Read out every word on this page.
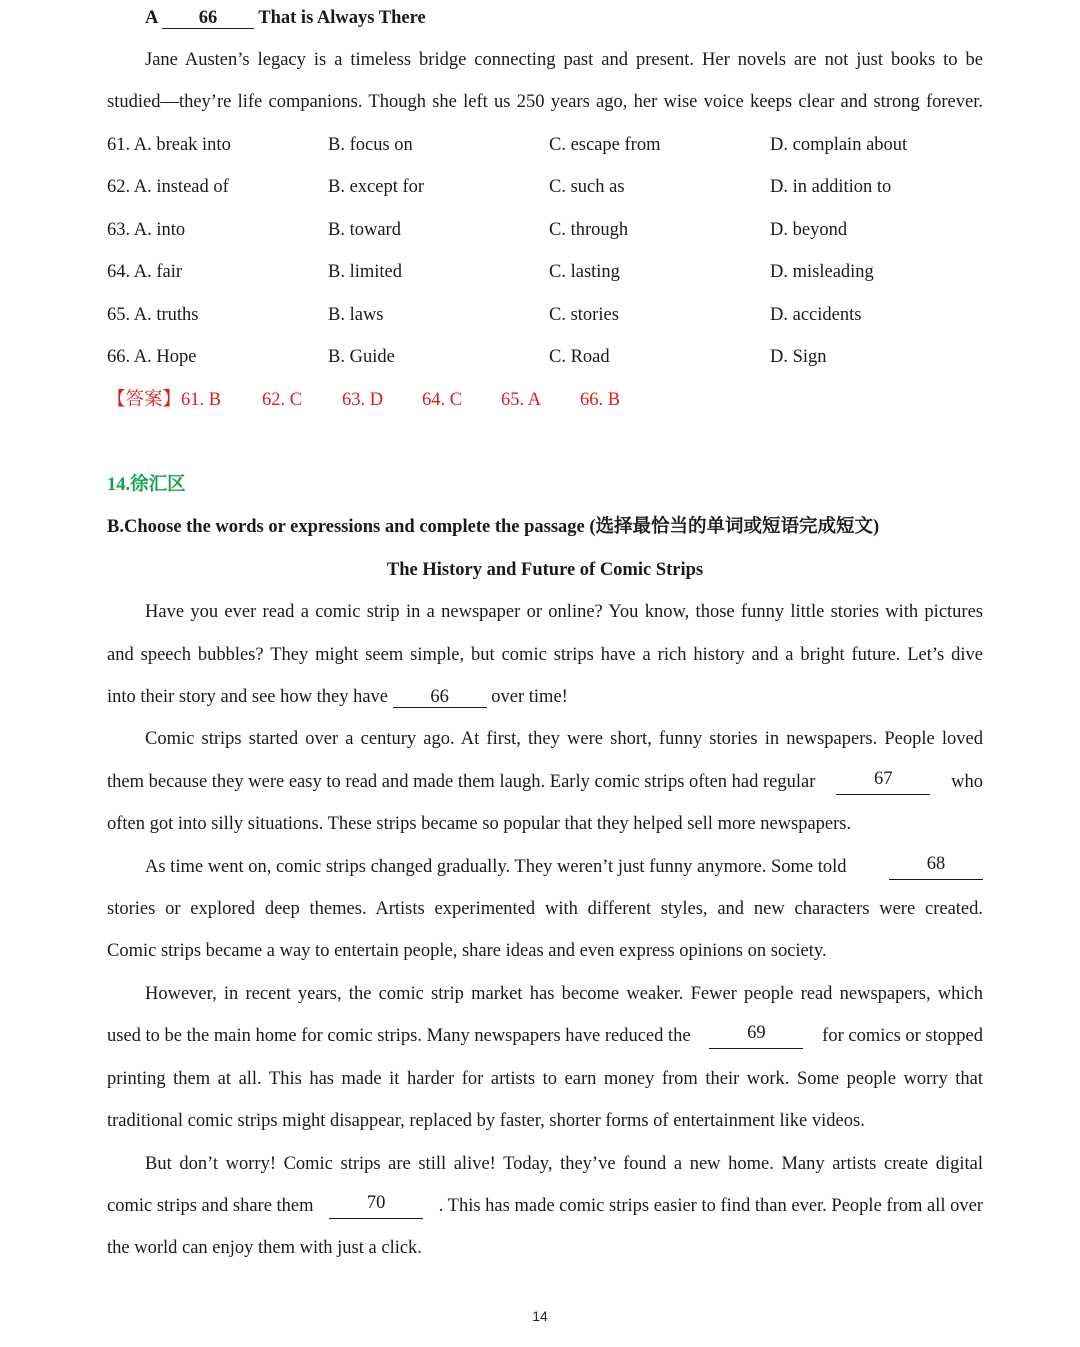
A 66 That is Always There
Jane Austen’s legacy is a timeless bridge connecting past and present. Her novels are not just books to be
studied—they’re life companions. Though she left us 250 years ago, her wise voice keeps clear and strong forever.
61. A. break into	B. focus on	C. escape from	D. complain about
62. A. instead of	B. except for	C. such as	D. in addition to
63. A. into	B. toward	C. through	D. beyond
64. A. fair	B. limited	C. lasting	D. misleading
65. A. truths	B. laws	C. stories	D. accidents
66. A. Hope	B. Guide	C. Road	D. Sign
【答案】61. B 62. C 63. D 64. C 65. A 66. B
14.徐汇区
B.Choose the words or expressions and complete the passage (选择最恰当的单词或短语完成短文)
The History and Future of Comic Strips
Have you ever read a comic strip in a newspaper or online? You know, those funny little stories with pictures
and speech bubbles? They might seem simple, but comic strips have a rich history and a bright future. Let’s dive
into their story and see how they have 66 over time!
Comic strips started over a century ago. At first, they were short, funny stories in newspapers. People loved
them because they were easy to read and made them laugh. Early comic strips often had regular	67	who
often got into silly situations. These strips became so popular that they helped sell more newspapers.
As time went on, comic strips changed gradually. They weren’t just funny anymore. Some told	68
stories or explored deep themes. Artists experimented with different styles, and new characters were created.
Comic strips became a way to entertain people, share ideas and even express opinions on society.
However, in recent years, the comic strip market has become weaker. Fewer people read newspapers, which
used to be the main home for comic strips. Many newspapers have reduced the	69	for comics or stopped
printing them at all. This has made it harder for artists to earn money from their work. Some people worry that
traditional comic strips might disappear, replaced by faster, shorter forms of entertainment like videos.
But don’t worry! Comic strips are still alive! Today, they’ve found a new home. Many artists create digital
comic strips and share them	70	. This has made comic strips easier to find than ever. People from all over
the world can enjoy them with just a click.
14
